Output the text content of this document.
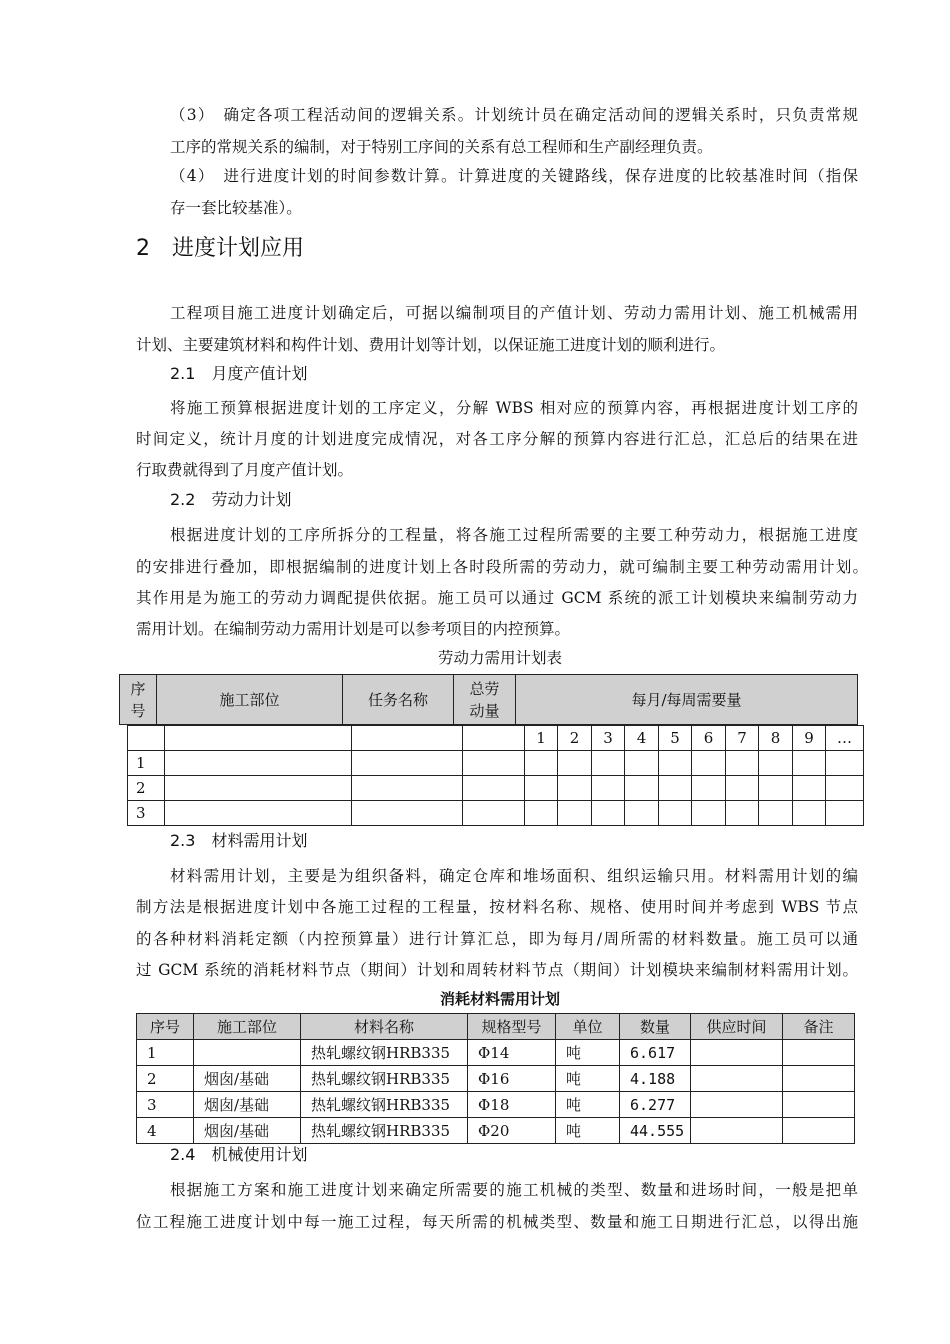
（3）　确定各项工程活动间的逻辑关系。计划统计员在确定活动间的逻辑关系时，只负责常规
工序的常规关系的编制，对于特别工序间的关系有总工程师和生产副经理负责。
（4）　进行进度计划的时间参数计算。计算进度的关键路线，保存进度的比较基准时间（指保
存一套比较基准）。
2　进度计划应用
工程项目施工进度计划确定后，可据以编制项目的产值计划、劳动力需用计划、施工机械需用
计划、主要建筑材料和构件计划、费用计划等计划，以保证施工进度计划的顺利进行。
2.1　月度产值计划
将施工预算根据进度计划的工序定义，分解 WBS 相对应的预算内容，再根据进度计划工序的
时间定义，统计月度的计划进度完成情况，对各工序分解的预算内容进行汇总，汇总后的结果在进
行取费就得到了月度产值计划。
2.2　劳动力计划
根据进度计划的工序所拆分的工程量，将各施工过程所需要的主要工种劳动力，根据施工进度
的安排进行叠加，即根据编制的进度计划上各时段所需的劳动力，就可编制主要工种劳动需用计划。
其作用是为施工的劳动力调配提供依据。施工员可以通过 GCM 系统的派工计划模块来编制劳动力
需用计划。在编制劳动力需用计划是可以参考项目的内控预算。
劳动力需用计划表
序
号	施工部位	任务名称	总劳
动量	每月/每周需要量
				1	2	3	4	5	6	7	8	9	…
1													
2													
3													
2.3　材料需用计划
材料需用计划，主要是为组织备料，确定仓库和堆场面积、组织运输只用。材料需用计划的编
制方法是根据进度计划中各施工过程的工程量，按材料名称、规格、使用时间并考虑到 WBS 节点
的各种材料消耗定额（内控预算量）进行计算汇总，即为每月/周所需的材料数量。施工员可以通
过 GCM 系统的消耗材料节点（期间）计划和周转材料节点（期间）计划模块来编制材料需用计划。
消耗材料需用计划
序号	施工部位	材料名称	规格型号	单位	数量	供应时间	备注
1		热轧螺纹钢HRB335	Φ14	吨	6.617		
2	烟囱/基础	热轧螺纹钢HRB335	Φ16	吨	4.188		
3	烟囱/基础	热轧螺纹钢HRB335	Φ18	吨	6.277		
4	烟囱/基础	热轧螺纹钢HRB335	Φ20	吨	44.555		
2.4　机械使用计划
根据施工方案和施工进度计划来确定所需要的施工机械的类型、数量和进场时间，一般是把单
位工程施工进度计划中每一施工过程，每天所需的机械类型、数量和施工日期进行汇总，以得出施
